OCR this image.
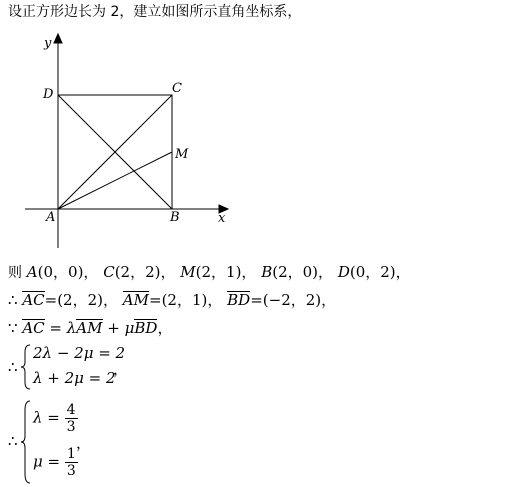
设正方形边长为 2，建立如图所示直角坐标系，
y
x
A	B
C
D
M
则 A(0，0)， C(2，2)， M(2，1)， B(2，0)， D(0，2)，
∴ AC=(2，2)， AM=(2，1)， BD=(−2，2)，
∵ AC = λAM + μBD，
∴
2λ − 2μ = 2
λ + 2μ = 2
，
∴
$\lambda = \frac{4}{3}$
$\mu = \frac{1}{3}$
，
